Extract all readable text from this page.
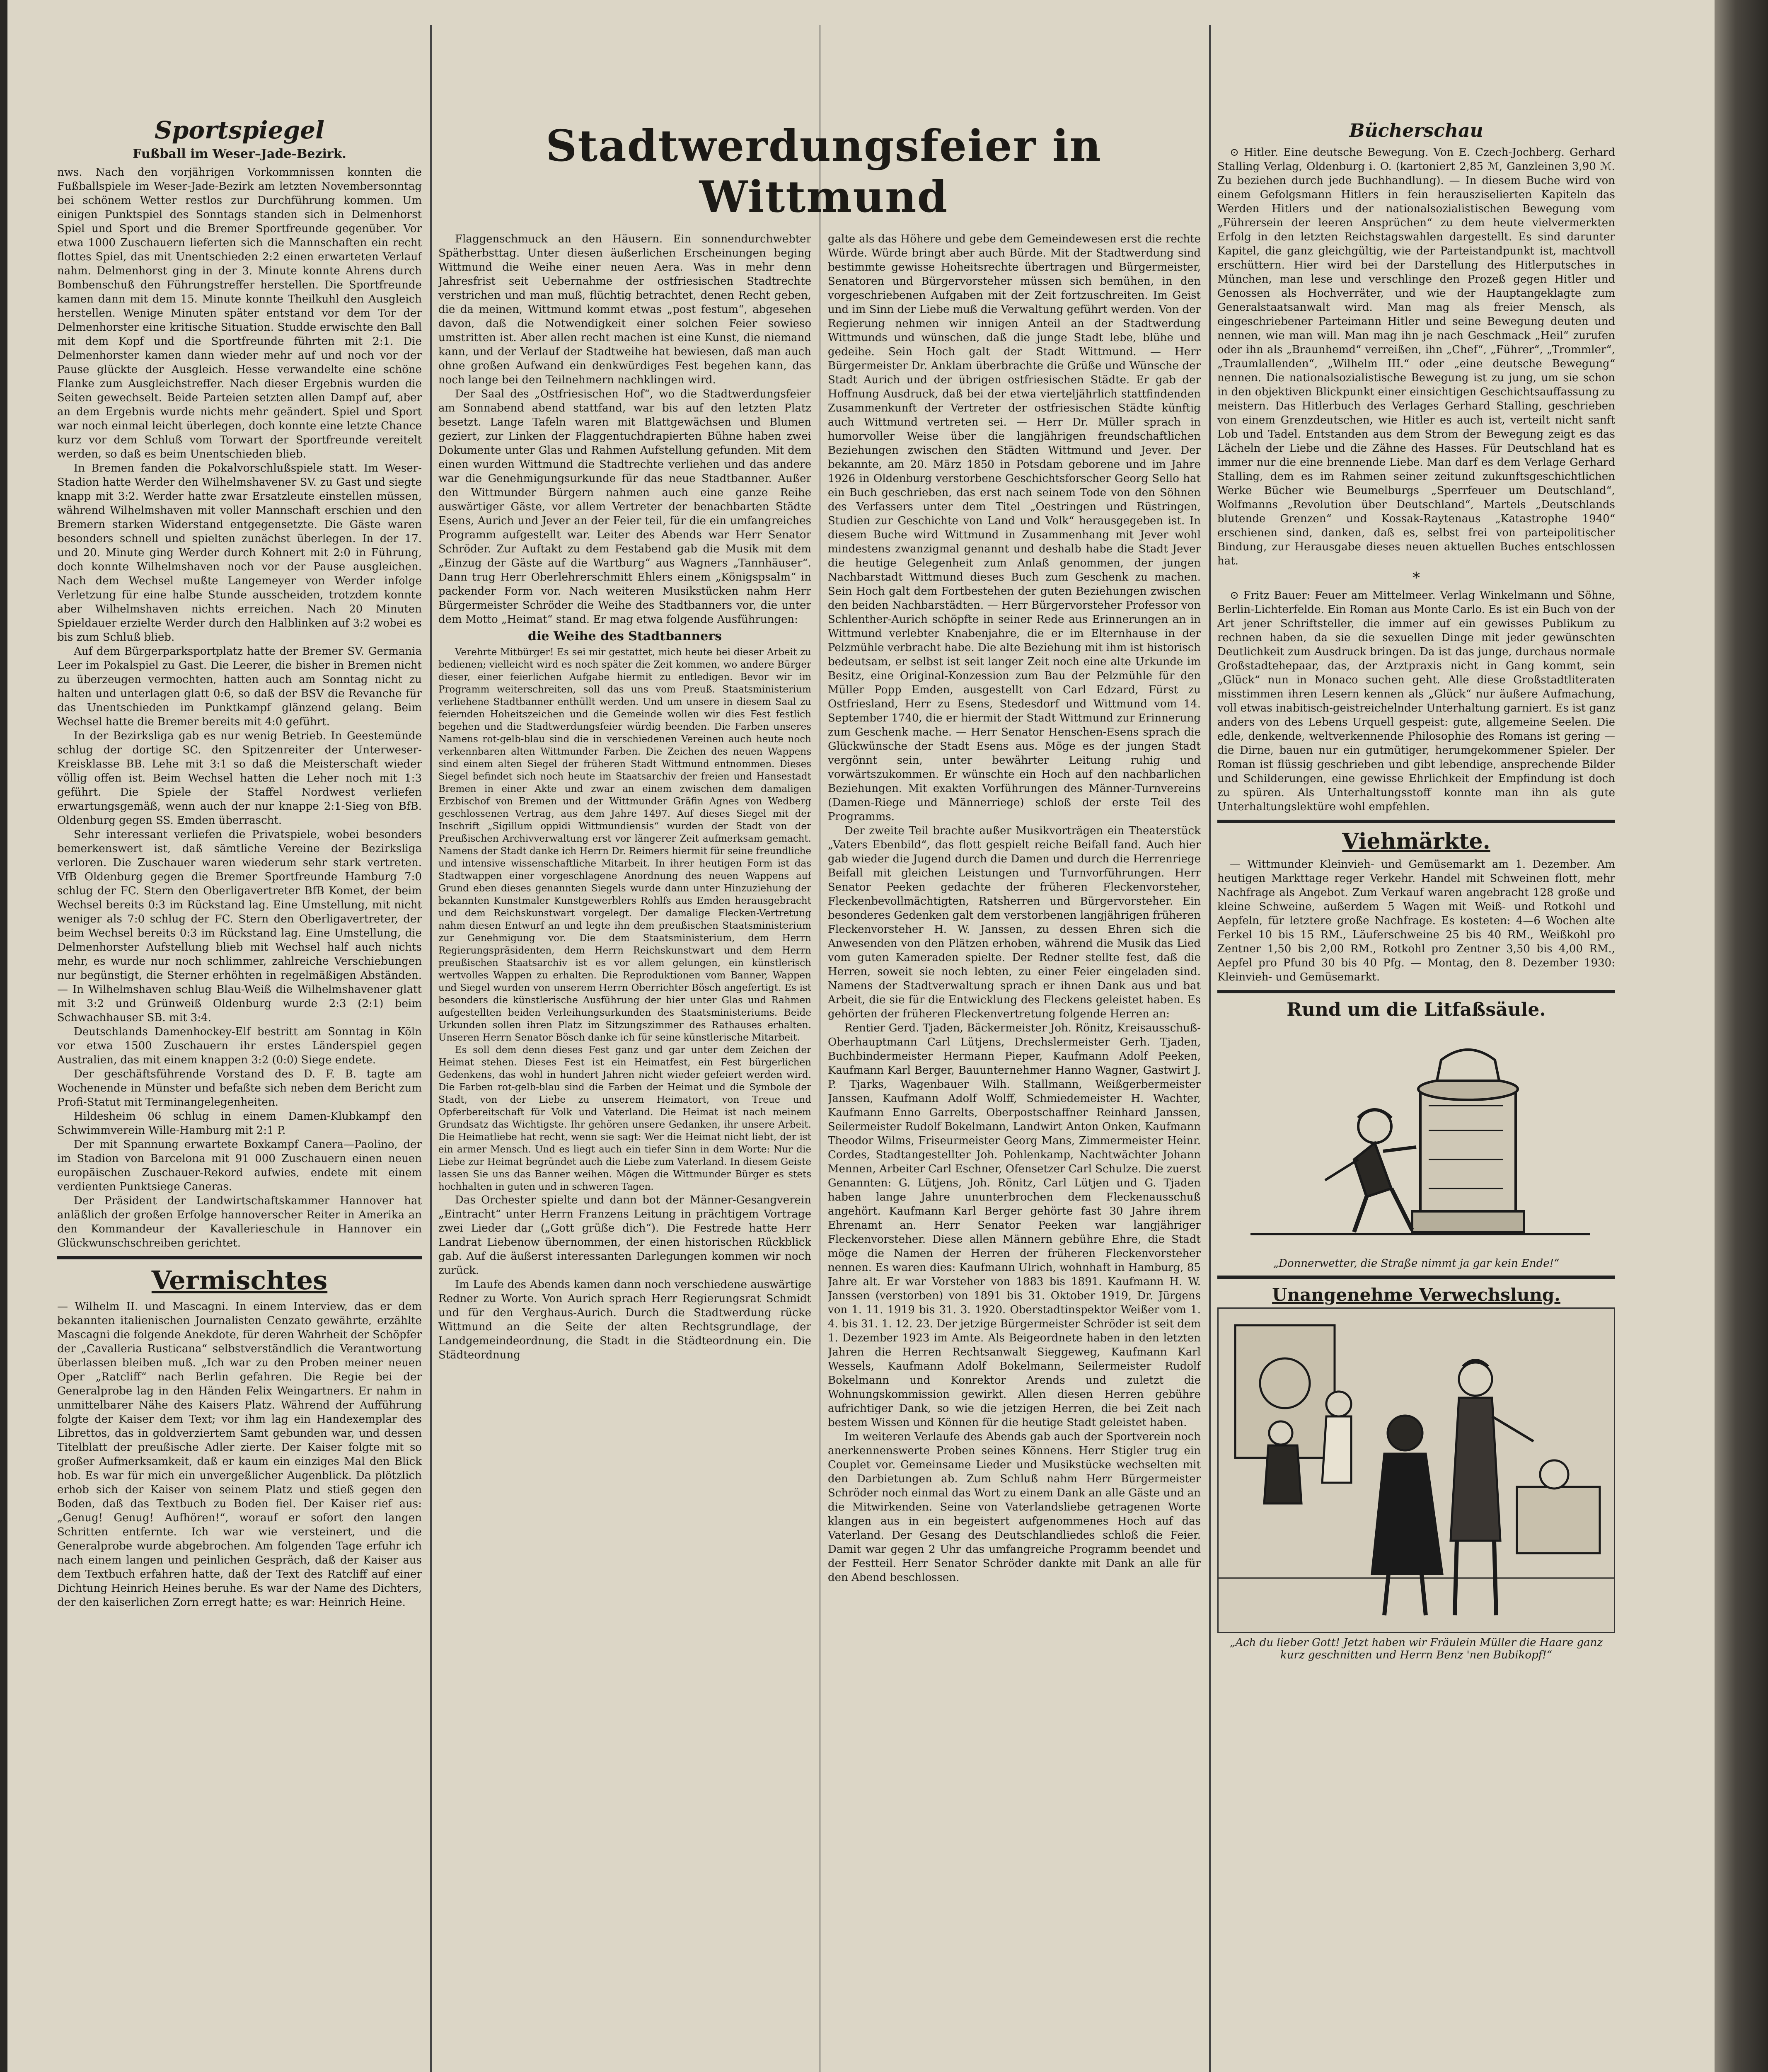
Sportspiegel
Fußball im Weser–Jade-Bezirk.

nws. Nach den vorjährigen Vorkommnissen konnten die Fußballspiele im Weser-Jade-Bezirk am letzten Novembersonntag bei schönem Wetter restlos zur Durchführung kommen. Um einigen Punktspiel des Sonntags standen sich in Delmenhorst Spiel und Sport und die Bremer Sportfreunde gegenüber. Vor etwa 1000 Zuschauern lieferten sich die Mannschaften ein recht flottes Spiel, das mit Unentschieden 2:2 einen erwarteten Verlauf nahm. Delmenhorst ging in der 3. Minute konnte Ahrens durch Bombenschuß den Führungstreffer herstellen. Die Sportfreunde kamen dann mit dem 15. Minute konnte Theilkuhl den Ausgleich herstellen. Wenige Minuten später entstand vor dem Tor der Delmenhorster eine kritische Situation. Studde erwischte den Ball mit dem Kopf und die Sportfreunde führten mit 2:1. Die Delmenhorster kamen dann wieder mehr auf und noch vor der Pause glückte der Ausgleich. Hesse verwandelte eine schöne Flanke zum Ausgleichstreffer. Nach dieser Ergebnis wurden die Seiten gewechselt. Beide Parteien setzten allen Dampf auf, aber an dem Ergebnis wurde nichts mehr geändert. Spiel und Sport war noch einmal leicht überlegen, doch konnte eine letzte Chance kurz vor dem Schluß vom Torwart der Sportfreunde vereitelt werden, so daß es beim Unentschieden blieb.

In Bremen fanden die Pokalvorschlußspiele statt. Im Weser-Stadion hatte Werder den Wilhelmshavener SV. zu Gast und siegte knapp mit 3:2. Werder hatte zwar Ersatzleute einstellen müssen, während Wilhelmshaven mit voller Mannschaft erschien und den Bremern starken Widerstand entgegensetzte. Die Gäste waren besonders schnell und spielten zunächst überlegen. In der 17. und 20. Minute ging Werder durch Kohnert mit 2:0 in Führung, doch konnte Wilhelmshaven noch vor der Pause ausgleichen. Nach dem Wechsel mußte Langemeyer von Werder infolge Verletzung für eine halbe Stunde ausscheiden, trotzdem konnte aber Wilhelmshaven nichts erreichen. Nach 20 Minuten Spieldauer erzielte Werder durch den Halblinken auf 3:2 wobei es bis zum Schluß blieb.

Auf dem Bürgerparksportplatz hatte der Bremer SV. Germania Leer im Pokalspiel zu Gast. Die Leerer, die bisher in Bremen nicht zu überzeugen vermochten, hatten auch am Sonntag nicht zu halten und unterlagen glatt 0:6, so daß der BSV die Revanche für das Unentschieden im Punktkampf glänzend gelang. Beim Wechsel hatte die Bremer bereits mit 4:0 geführt.

In der Bezirksliga gab es nur wenig Betrieb. In Geestemünde schlug der dortige SC. den Spitzenreiter der Unterweser-Kreisklasse BB. Lehe mit 3:1 so daß die Meisterschaft wieder völlig offen ist. Beim Wechsel hatten die Leher noch mit 1:3 geführt. Die Spiele der Staffel Nordwest verliefen erwartungsgemäß, wenn auch der nur knappe 2:1-Sieg von BfB. Oldenburg gegen SS. Emden überrascht.

Sehr interessant verliefen die Privatspiele, wobei besonders bemerkenswert ist, daß sämtliche Vereine der Bezirksliga verloren. Die Zuschauer waren wiederum sehr stark vertreten. VfB Oldenburg gegen die Bremer Sportfreunde Hamburg 7:0 schlug der FC. Stern den Oberligavertreter BfB Komet, der beim Wechsel bereits 0:3 im Rückstand lag. Eine Umstellung, mit nicht weniger als 7:0 schlug der FC. Stern den Oberligavertreter, der beim Wechsel bereits 0:3 im Rückstand lag. Eine Umstellung, die Delmenhorster Aufstellung blieb mit Wechsel half auch nichts mehr, es wurde nur noch schlimmer, zahlreiche Verschiebungen nur begünstigt, die Sterner erhöhten in regelmäßigen Abständen. — In Wilhelmshaven schlug Blau-Weiß die Wilhelmshavener glatt mit 3:2 und Grünweiß Oldenburg wurde 2:3 (2:1) beim Schwachhauser SB. mit 3:4.

Deutschlands Damenhockey-Elf bestritt am Sonntag in Köln vor etwa 1500 Zuschauern ihr erstes Länderspiel gegen Australien, das mit einem knappen 3:2 (0:0) Siege endete.

Der geschäftsführende Vorstand des D. F. B. tagte am Wochenende in Münster und befaßte sich neben dem Bericht zum Profi-Statut mit Terminangelegenheiten.

Hildesheim 06 schlug in einem Damen-Klubkampf den Schwimmverein Wille-Hamburg mit 2:1 P.

Der mit Spannung erwartete Boxkampf Canera—Paolino, der im Stadion von Barcelona mit 91 000 Zuschauern einen neuen europäischen Zuschauer-Rekord aufwies, endete mit einem verdienten Punktsiege Caneras.

Der Präsident der Landwirtschaftskammer Hannover hat anläßlich der großen Erfolge hannoverscher Reiter in Amerika an den Kommandeur der Kavallerieschule in Hannover ein Glückwunschschreiben gerichtet.

Vermischtes

— Wilhelm II. und Mascagni. In einem Interview, das er dem bekannten italienischen Journalisten Cenzato gewährte, erzählte Mascagni die folgende Anekdote, für deren Wahrheit der Schöpfer der „Cavalleria Rusticana“ selbstverständlich die Verantwortung überlassen bleiben muß. „Ich war zu den Proben meiner neuen Oper „Ratcliff“ nach Berlin gefahren. Die Regie bei der Generalprobe lag in den Händen Felix Weingartners. Er nahm in unmittelbarer Nähe des Kaisers Platz. Während der Aufführung folgte der Kaiser dem Text; vor ihm lag ein Handexemplar des Librettos, das in goldverziertem Samt gebunden war, und dessen Titelblatt der preußische Adler zierte. Der Kaiser folgte mit so großer Aufmerksamkeit, daß er kaum ein einziges Mal den Blick hob. Es war für mich ein unvergeßlicher Augenblick. Da plötzlich erhob sich der Kaiser von seinem Platz und stieß gegen den Boden, daß das Textbuch zu Boden fiel. Der Kaiser rief aus: „Genug! Genug! Aufhören!“, worauf er sofort den langen Schritten entfernte. Ich war wie versteinert, und die Generalprobe wurde abgebrochen. Am folgenden Tage erfuhr ich nach einem langen und peinlichen Gespräch, daß der Kaiser aus dem Textbuch erfahren hatte, daß der Text des Ratcliff auf einer Dichtung Heinrich Heines beruhe. Es war der Name des Dichters, der den kaiserlichen Zorn erregt hatte; es war: Heinrich Heine.

Stadtwerdungsfeier in Wittmund

Flaggenschmuck an den Häusern. Ein sonnendurchwebter Spätherbsttag. Unter diesen äußerlichen Erscheinungen beging Wittmund die Weihe einer neuen Aera. Was in mehr denn Jahresfrist seit Uebernahme der ostfriesischen Stadtrechte verstrichen und man muß, flüchtig betrachtet, denen Recht geben, die da meinen, Wittmund kommt etwas „post festum“, abgesehen davon, daß die Notwendigkeit einer solchen Feier sowieso umstritten ist. Aber allen recht machen ist eine Kunst, die niemand kann, und der Verlauf der Stadtweihe hat bewiesen, daß man auch ohne großen Aufwand ein denkwürdiges Fest begehen kann, das noch lange bei den Teilnehmern nachklingen wird.

Der Saal des „Ostfriesischen Hof“, wo die Stadtwerdungsfeier am Sonnabend abend stattfand, war bis auf den letzten Platz besetzt. Lange Tafeln waren mit Blattgewächsen und Blumen geziert, zur Linken der Flaggentuchdrapierten Bühne haben zwei Dokumente unter Glas und Rahmen Aufstellung gefunden. Mit dem einen wurden Wittmund die Stadtrechte verliehen und das andere war die Genehmigungsurkunde für das neue Stadtbanner. Außer den Wittmunder Bürgern nahmen auch eine ganze Reihe auswärtiger Gäste, vor allem Vertreter der benachbarten Städte Esens, Aurich und Jever an der Feier teil, für die ein umfangreiches Programm aufgestellt war. Leiter des Abends war Herr Senator Schröder. Zur Auftakt zu dem Festabend gab die Musik mit dem „Einzug der Gäste auf die Wartburg“ aus Wagners „Tannhäuser“. Dann trug Herr Oberlehrerschmitt Ehlers einem „Königspsalm“ in packender Form vor. Nach weiteren Musikstücken nahm Herr Bürgermeister Schröder die Weihe des Stadtbanners vor, die unter dem Motto „Heimat“ stand. Er mag etwa folgende Ausführungen:

die Weihe des Stadtbanners

Verehrte Mitbürger! Es sei mir gestattet, mich heute bei dieser Arbeit zu bedienen; vielleicht wird es noch später die Zeit kommen, wo andere Bürger dieser, einer feierlichen Aufgabe hiermit zu entledigen. Bevor wir im Programm weiterschreiten, soll das uns vom Preuß. Staatsministerium verliehene Stadtbanner enthüllt werden. Und um unsere in diesem Saal zu feiernden Hoheitszeichen und die Gemeinde wollen wir dies Fest festlich begehen und die Stadtwerdungsfeier würdig beenden. Die Farben unseres Namens rot-gelb-blau sind die in verschiedenen Vereinen auch heute noch verkennbaren alten Wittmunder Farben. Die Zeichen des neuen Wappens sind einem alten Siegel der früheren Stadt Wittmund entnommen. Dieses Siegel befindet sich noch heute im Staatsarchiv der freien und Hansestadt Bremen in einer Akte und zwar an einem zwischen dem damaligen Erzbischof von Bremen und der Wittmunder Gräfin Agnes von Wedberg geschlossenen Vertrag, aus dem Jahre 1497. Auf dieses Siegel mit der Inschrift „Sigillum oppidi Wittmundiensis“ wurden der Stadt von der Preußischen Archivverwaltung erst vor längerer Zeit aufmerksam gemacht. Namens der Stadt danke ich Herrn Dr. Reimers hiermit für seine freundliche und intensive wissenschaftliche Mitarbeit. In ihrer heutigen Form ist das Stadtwappen einer vorgeschlagene Anordnung des neuen Wappens auf Grund eben dieses genannten Siegels wurde dann unter Hinzuziehung der bekannten Kunstmaler Kunstgewerblers Rohlfs aus Emden herausgebracht und dem Reichskunstwart vorgelegt. Der damalige Flecken-Vertretung nahm diesen Entwurf an und legte ihn dem preußischen Staatsministerium zur Genehmigung vor. Die dem Staatsministerium, dem Herrn Regierungspräsidenten, dem Herrn Reichskunstwart und dem Herrn preußischen Staatsarchiv ist es vor allem gelungen, ein künstlerisch wertvolles Wappen zu erhalten. Die Reproduktionen vom Banner, Wappen und Siegel wurden von unserem Herrn Oberrichter Bösch angefertigt. Es ist besonders die künstlerische Ausführung der hier unter Glas und Rahmen aufgestellten beiden Verleihungsurkunden des Staatsministeriums. Beide Urkunden sollen ihren Platz im Sitzungszimmer des Rathauses erhalten. Unseren Herrn Senator Bösch danke ich für seine künstlerische Mitarbeit.

Es soll dem denn dieses Fest ganz und gar unter dem Zeichen der Heimat stehen. Dieses Fest ist ein Heimatfest, ein Fest bürgerlichen Gedenkens, das wohl in hundert Jahren nicht wieder gefeiert werden wird. Die Farben rot-gelb-blau sind die Farben der Heimat und die Symbole der Stadt, von der Liebe zu unserem Heimatort, von Treue und Opferbereitschaft für Volk und Vaterland. Die Heimat ist nach meinem Grundsatz das Wichtigste. Ihr gehören unsere Gedanken, ihr unsere Arbeit. Die Heimatliebe hat recht, wenn sie sagt: Wer die Heimat nicht liebt, der ist ein armer Mensch. Und es liegt auch ein tiefer Sinn in dem Worte: Nur die Liebe zur Heimat begründet auch die Liebe zum Vaterland. In diesem Geiste lassen Sie uns das Banner weihen. Mögen die Wittmunder Bürger es stets hochhalten in guten und in schweren Tagen.

Das Orchester spielte und dann bot der Männer-Gesangverein „Eintracht“ unter Herrn Franzens Leitung in prächtigem Vortrage zwei Lieder dar („Gott grüße dich“). Die Festrede hatte Herr Landrat Liebenow übernommen, der einen historischen Rückblick gab. Auf die äußerst interessanten Darlegungen kommen wir noch zurück.

Im Laufe des Abends kamen dann noch verschiedene auswärtige Redner zu Worte. Von Aurich sprach Herr Regierungsrat Schmidt und für den Verghaus-Aurich. Durch die Stadtwerdung rücke Wittmund an die Seite der alten Rechtsgrundlage, der Landgemeindeordnung, die Stadt in die Städteordnung ein. Die Städteordnung

galte als das Höhere und gebe dem Gemeindewesen erst die rechte Würde. Würde bringt aber auch Bürde. Mit der Stadtwerdung sind bestimmte gewisse Hoheitsrechte übertragen und Bürgermeister, Senatoren und Bürgervorsteher müssen sich bemühen, in den vorgeschriebenen Aufgaben mit der Zeit fortzuschreiten. Im Geist und im Sinn der Liebe muß die Verwaltung geführt werden. Von der Regierung nehmen wir innigen Anteil an der Stadtwerdung Wittmunds und wünschen, daß die junge Stadt lebe, blühe und gedeihe. Sein Hoch galt der Stadt Wittmund. — Herr Bürgermeister Dr. Anklam überbrachte die Grüße und Wünsche der Stadt Aurich und der übrigen ostfriesischen Städte. Er gab der Hoffnung Ausdruck, daß bei der etwa vierteljährlich stattfindenden Zusammenkunft der Vertreter der ostfriesischen Städte künftig auch Wittmund vertreten sei. — Herr Dr. Müller sprach in humorvoller Weise über die langjährigen freundschaftlichen Beziehungen zwischen den Städten Wittmund und Jever. Der bekannte, am 20. März 1850 in Potsdam geborene und im Jahre 1926 in Oldenburg verstorbene Geschichtsforscher Georg Sello hat ein Buch geschrieben, das erst nach seinem Tode von den Söhnen des Verfassers unter dem Titel „Oestringen und Rüstringen, Studien zur Geschichte von Land und Volk“ herausgegeben ist. In diesem Buche wird Wittmund in Zusammenhang mit Jever wohl mindestens zwanzigmal genannt und deshalb habe die Stadt Jever die heutige Gelegenheit zum Anlaß genommen, der jungen Nachbarstadt Wittmund dieses Buch zum Geschenk zu machen. Sein Hoch galt dem Fortbestehen der guten Beziehungen zwischen den beiden Nachbarstädten. — Herr Bürgervorsteher Professor von Schlenther-Aurich schöpfte in seiner Rede aus Erinnerungen an in Wittmund verlebter Knabenjahre, die er im Elternhause in der Pelzmühle verbracht habe. Die alte Beziehung mit ihm ist historisch bedeutsam, er selbst ist seit langer Zeit noch eine alte Urkunde im Besitz, eine Original-Konzession zum Bau der Pelzmühle für den Müller Popp Emden, ausgestellt von Carl Edzard, Fürst zu Ostfriesland, Herr zu Esens, Stedesdorf und Wittmund vom 14. September 1740, die er hiermit der Stadt Wittmund zur Erinnerung zum Geschenk mache. — Herr Senator Henschen-Esens sprach die Glückwünsche der Stadt Esens aus. Möge es der jungen Stadt vergönnt sein, unter bewährter Leitung ruhig und vorwärtszukommen. Er wünschte ein Hoch auf den nachbarlichen Beziehungen. Mit exakten Vorführungen des Männer-Turnvereins (Damen-Riege und Männerriege) schloß der erste Teil des Programms.

Der zweite Teil brachte außer Musikvorträgen ein Theaterstück „Vaters Ebenbild“, das flott gespielt reiche Beifall fand. Auch hier gab wieder die Jugend durch die Damen und durch die Herrenriege Beifall mit gleichen Leistungen und Turnvorführungen. Herr Senator Peeken gedachte der früheren Fleckenvorsteher, Fleckenbevollmächtigten, Ratsherren und Bürgervorsteher. Ein besonderes Gedenken galt dem verstorbenen langjährigen früheren Fleckenvorsteher H. W. Janssen, zu dessen Ehren sich die Anwesenden von den Plätzen erhoben, während die Musik das Lied vom guten Kameraden spielte. Der Redner stellte fest, daß die Herren, soweit sie noch lebten, zu einer Feier eingeladen sind. Namens der Stadtverwaltung sprach er ihnen Dank aus und bat Arbeit, die sie für die Entwicklung des Fleckens geleistet haben. Es gehörten der früheren Fleckenvertretung folgende Herren an:

Rentier Gerd. Tjaden, Bäckermeister Joh. Rönitz, Kreisausschuß-Oberhauptmann Carl Lütjens, Drechslermeister Gerh. Tjaden, Buchbindermeister Hermann Pieper, Kaufmann Adolf Peeken, Kaufmann Karl Berger, Bauunternehmer Hanno Wagner, Gastwirt J. P. Tjarks, Wagenbauer Wilh. Stallmann, Weißgerbermeister Janssen, Kaufmann Adolf Wolff, Schmiedemeister H. Wachter, Kaufmann Enno Garrelts, Oberpostschaffner Reinhard Janssen, Seilermeister Rudolf Bokelmann, Landwirt Anton Onken, Kaufmann Theodor Wilms, Friseurmeister Georg Mans, Zimmermeister Heinr. Cordes, Stadtangestellter Joh. Pohlenkamp, Nachtwächter Johann Mennen, Arbeiter Carl Eschner, Ofensetzer Carl Schulze. Die zuerst Genannten: G. Lütjens, Joh. Rönitz, Carl Lütjen und G. Tjaden haben lange Jahre ununterbrochen dem Fleckenausschuß angehört. Kaufmann Karl Berger gehörte fast 30 Jahre ihrem Ehrenamt an. Herr Senator Peeken war langjähriger Fleckenvorsteher. Diese allen Männern gebühre Ehre, die Stadt möge die Namen der Herren der früheren Fleckenvorsteher nennen. Es waren dies: Kaufmann Ulrich, wohnhaft in Hamburg, 85 Jahre alt. Er war Vorsteher von 1883 bis 1891. Kaufmann H. W. Janssen (verstorben) von 1891 bis 31. Oktober 1919, Dr. Jürgens von 1. 11. 1919 bis 31. 3. 1920. Oberstadtinspektor Weißer vom 1. 4. bis 31. 1. 12. 23. Der jetzige Bürgermeister Schröder ist seit dem 1. Dezember 1923 im Amte. Als Beigeordnete haben in den letzten Jahren die Herren Rechtsanwalt Sieggeweg, Kaufmann Karl Wessels, Kaufmann Adolf Bokelmann, Seilermeister Rudolf Bokelmann und Konrektor Arends und zuletzt die Wohnungskommission gewirkt. Allen diesen Herren gebühre aufrichtiger Dank, so wie die jetzigen Herren, die bei Zeit nach bestem Wissen und Können für die heutige Stadt geleistet haben.

Im weiteren Verlaufe des Abends gab auch der Sportverein noch anerkennenswerte Proben seines Könnens. Herr Stigler trug ein Couplet vor. Gemeinsame Lieder und Musikstücke wechselten mit den Darbietungen ab. Zum Schluß nahm Herr Bürgermeister Schröder noch einmal das Wort zu einem Dank an alle Gäste und an die Mitwirkenden. Seine von Vaterlandsliebe getragenen Worte klangen aus in ein begeistert aufgenommenes Hoch auf das Vaterland. Der Gesang des Deutschlandliedes schloß die Feier. Damit war gegen 2 Uhr das umfangreiche Programm beendet und der Festteil. Herr Senator Schröder dankte mit Dank an alle für den Abend beschlossen.

Bücherschau

⊙ Hitler. Eine deutsche Bewegung. Von E. Czech-Jochberg. Gerhard Stalling Verlag, Oldenburg i. O. (kartoniert 2,85 ℳ, Ganzleinen 3,90 ℳ. Zu beziehen durch jede Buchhandlung). — In diesem Buche wird von einem Gefolgsmann Hitlers in fein herausziselierten Kapiteln das Werden Hitlers und der nationalsozialistischen Bewegung vom „Führersein der leeren Ansprüchen“ zu dem heute vielvermerkten Erfolg in den letzten Reichstagswahlen dargestellt. Es sind darunter Kapitel, die ganz gleichgültig, wie der Parteistandpunkt ist, machtvoll erschüttern. Hier wird bei der Darstellung des Hitlerputsches in München, man lese und verschlinge den Prozeß gegen Hitler und Genossen als Hochverräter, und wie der Hauptangeklagte zum Generalstaatsanwalt wird. Man mag als freier Mensch, als eingeschriebener Parteimann Hitler und seine Bewegung deuten und nennen, wie man will. Man mag ihn je nach Geschmack „Heil“ zurufen oder ihn als „Braunhemd“ verreißen, ihn „Chef“, „Führer“, „Trommler“, „Traumlallenden“, „Wilhelm III.“ oder „eine deutsche Bewegung“ nennen. Die nationalsozialistische Bewegung ist zu jung, um sie schon in den objektiven Blickpunkt einer einsichtigen Geschichtsauffassung zu meistern. Das Hitlerbuch des Verlages Gerhard Stalling, geschrieben von einem Grenzdeutschen, wie Hitler es auch ist, verteilt nicht sanft Lob und Tadel. Entstanden aus dem Strom der Bewegung zeigt es das Lächeln der Liebe und die Zähne des Hasses. Für Deutschland hat es immer nur die eine brennende Liebe. Man darf es dem Verlage Gerhard Stalling, dem es im Rahmen seiner zeitund zukunftsgeschichtlichen Werke Bücher wie Beumelburgs „Sperrfeuer um Deutschland“, Wolfmanns „Revolution über Deutschland“, Martels „Deutschlands blutende Grenzen“ und Kossak-Raytenaus „Katastrophe 1940“ erschienen sind, danken, daß es, selbst frei von parteipolitischer Bindung, zur Herausgabe dieses neuen aktuellen Buches entschlossen hat.

*

⊙ Fritz Bauer: Feuer am Mittelmeer. Verlag Winkelmann und Söhne, Berlin-Lichterfelde. Ein Roman aus Monte Carlo. Es ist ein Buch von der Art jener Schriftsteller, die immer auf ein gewisses Publikum zu rechnen haben, da sie die sexuellen Dinge mit jeder gewünschten Deutlichkeit zum Ausdruck bringen. Da ist das junge, durchaus normale Großstadtehepaar, das, der Arztpraxis nicht in Gang kommt, sein „Glück“ nun in Monaco suchen geht. Alle diese Großstadtliteraten misstimmen ihren Lesern kennen als „Glück“ nur äußere Aufmachung, voll etwas inabitisch-geistreichelnder Unterhaltung garniert. Es ist ganz anders von des Lebens Urquell gespeist: gute, allgemeine Seelen. Die edle, denkende, weltverkennende Philosophie des Romans ist gering — die Dirne, bauen nur ein gutmütiger, herumgekommener Spieler. Der Roman ist flüssig geschrieben und gibt lebendige, ansprechende Bilder und Schilderungen, eine gewisse Ehrlichkeit der Empfindung ist doch zu spüren. Als Unterhaltungsstoff konnte man ihn als gute Unterhaltungslektüre wohl empfehlen.

Viehmärkte.

— Wittmunder Kleinvieh- und Gemüsemarkt am 1. Dezember. Am heutigen Markttage reger Verkehr. Handel mit Schweinen flott, mehr Nachfrage als Angebot. Zum Verkauf waren angebracht 128 große und kleine Schweine, außerdem 5 Wagen mit Weiß- und Rotkohl und Aepfeln, für letztere große Nachfrage. Es kosteten: 4—6 Wochen alte Ferkel 10 bis 15 RM., Läuferschweine 25 bis 40 RM., Weißkohl pro Zentner 1,50 bis 2,00 RM., Rotkohl pro Zentner 3,50 bis 4,00 RM., Aepfel pro Pfund 30 bis 40 Pfg. — Montag, den 8. Dezember 1930: Kleinvieh- und Gemüsemarkt.

Rund um die Litfaßsäule.
„Donnerwetter, die Straße nimmt ja gar kein Ende!“
Unangenehme Verwechslung.
„Ach du lieber Gott! Jetzt haben wir Fräulein Müller die Haare ganz kurz geschnitten und Herrn Benz 'nen Bubikopf!“
